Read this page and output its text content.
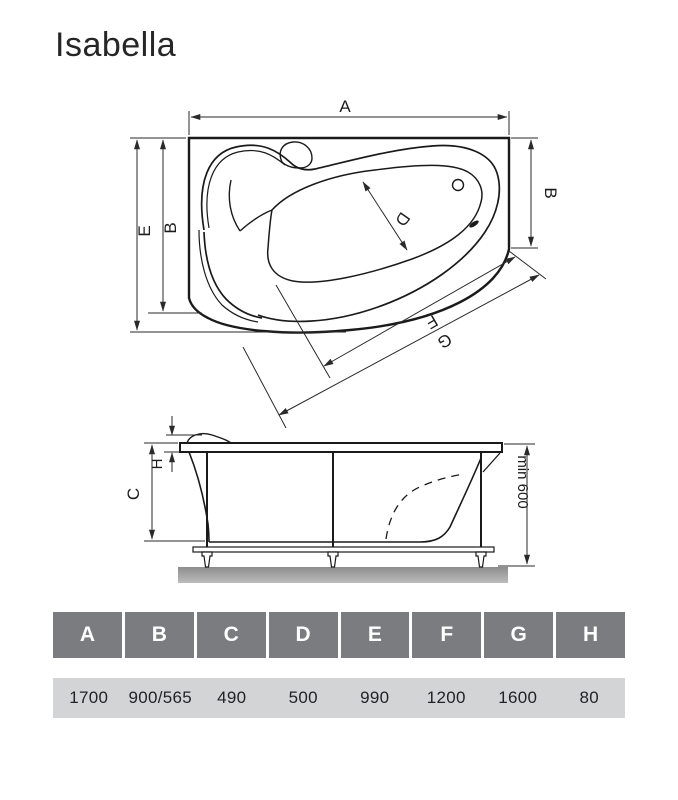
Isabella
A
E B
B
D
F
G
H
C	min 600
A	B	C	D	E	F	G	H
1700	900/565	490	500	990	1200	1600	80
